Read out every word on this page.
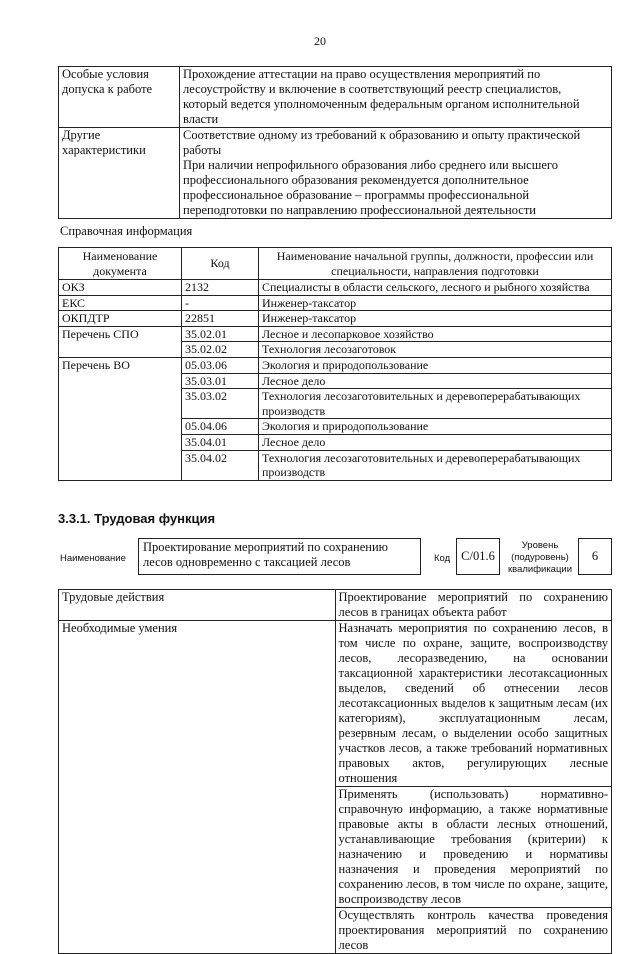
20
Особые условия допуска к работе	Прохождение аттестации на право осуществления мероприятий по лесоустройству и включение в соответствующий реестр специалистов, который ведется уполномоченным федеральным органом исполнительной власти
Другие характеристики	Соответствие одному из требований к образованию и опыту практической работы
При наличии непрофильного образования либо среднего или высшего профессионального образования рекомендуется дополнительное профессиональное образование – программы профессиональной переподготовки по направлению профессиональной деятельности
Справочная информация
Наименование документа	Код	Наименование начальной группы, должности, профессии или специальности, направления подготовки
ОКЗ	2132	Специалисты в области сельского, лесного и рыбного хозяйства
ЕКС	-	Инженер-таксатор
ОКПДТР	22851	Инженер-таксатор
Перечень СПО	35.02.01	Лесное и лесопарковое хозяйство
	35.02.02	Технология лесозаготовок
Перечень ВО	05.03.06	Экология и природопользование
	35.03.01	Лесное дело
	35.03.02	Технология лесозаготовительных и деревоперерабатывающих производств
	05.04.06	Экология и природопользование
	35.04.01	Лесное дело
	35.04.02	Технология лесозаготовительных и деревоперерабатывающих производств
3.3.1. Трудовая функция
Наименование
Проектирование мероприятий по сохранению лесов одновременно с таксацией лесов	Код С/01.6
Уровень (подуровень) квалификации
6
Трудовые действия	Проектирование мероприятий по сохранению лесов в границах объекта работ
Необходимые умения	Назначать мероприятия по сохранению лесов, в том числе по охране, защите, воспроизводству лесов, лесоразведению, на основании таксационной характеристики лесотаксационных выделов, сведений об отнесении лесов лесотаксационных выделов к защитным лесам (их категориям), эксплуатационным лесам, резервным лесам, о выделении особо защитных участков лесов, а также требований нормативных правовых актов, регулирующих лесные отношения
	Применять (использовать) нормативно-справочную информацию, а также нормативные правовые акты в области лесных отношений, устанавливающие требования (критерии) к назначению и проведению и нормативы назначения и проведения мероприятий по сохранению лесов, в том числе по охране, защите, воспроизводству лесов
	Осуществлять контроль качества проведения проектирования мероприятий по сохранению лесов
